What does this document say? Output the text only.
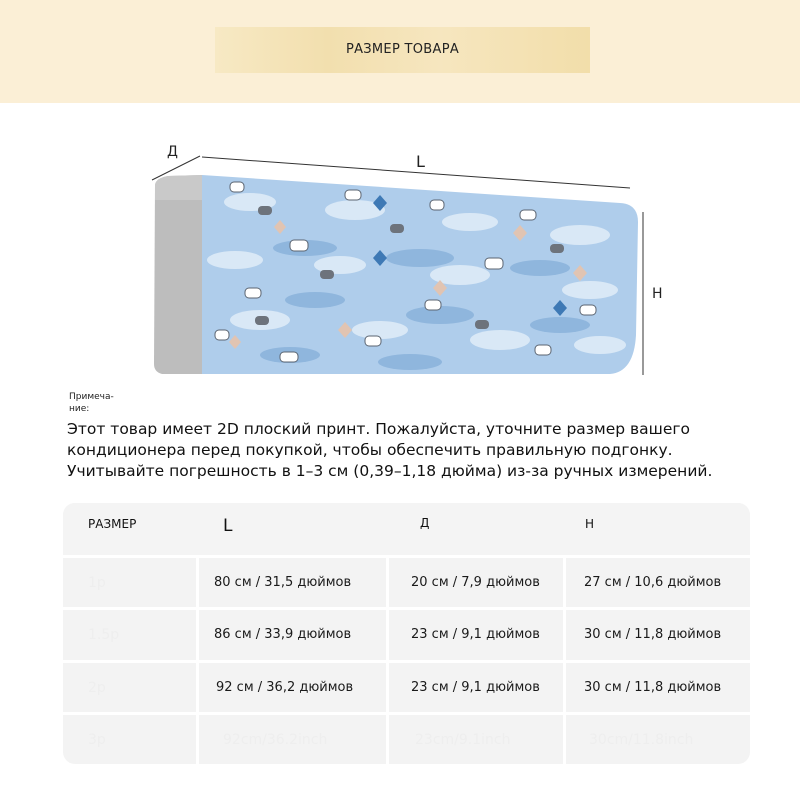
РАЗМЕР ТОВАРА
Д	L
H
Примеча-
ние:
Этот товар имеет 2D плоский принт. Пожалуйста, уточните размер вашего
кондиционера перед покупкой, чтобы обеспечить правильную подгонку.
Учитывайте погрешность в 1–3 см (0,39–1,18 дюйма) из-за ручных измерений.
РАЗМЕР	L	Д	H
1p	80 см / 31,5 дюймов	20 см / 7,9 дюймов	27 см / 10,6 дюймов
1.5p	86 см / 33,9 дюймов	23 см / 9,1 дюймов	30 см / 11,8 дюймов
2p	92 см / 36,2 дюймов	23 см / 9,1 дюймов	30 см / 11,8 дюймов
3p	92cm/36.2inch	23cm/9.1inch	30cm/11.8inch
